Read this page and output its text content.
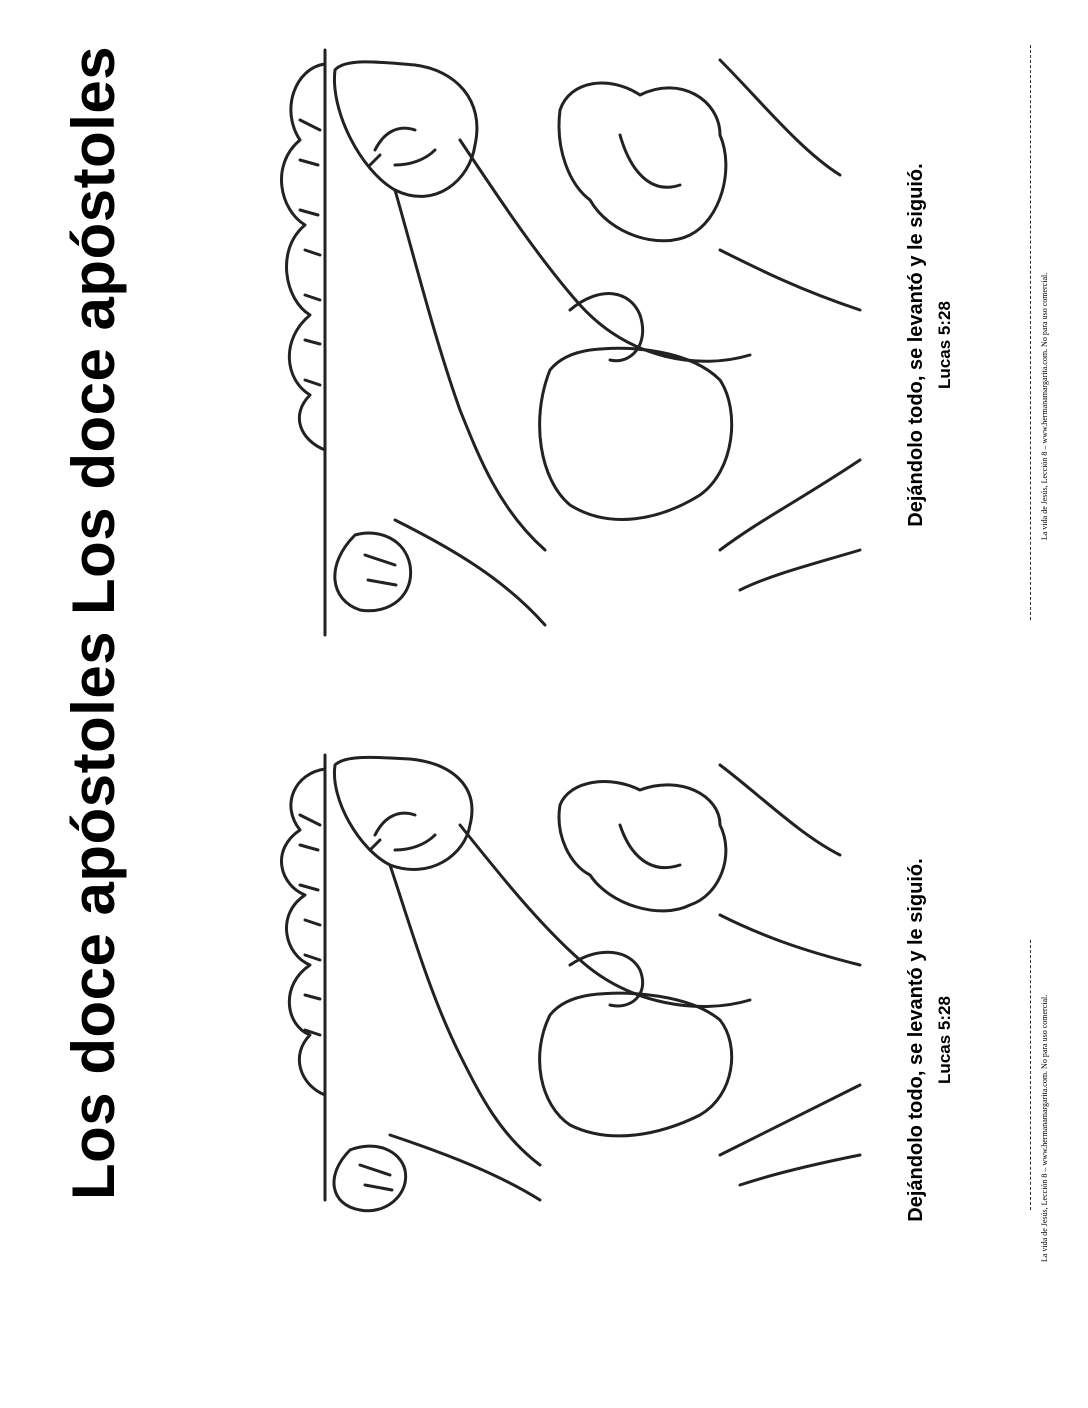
Los doce apóstoles	Dejándolo todo, se levantó y le siguió. Lucas 5:28	La vida de Jesús, Lección 8 – www.hermanamargarita.com. No para uso comercial.
Los doce apóstoles	Dejándolo todo, se levantó y le siguió. Lucas 5:28	La vida de Jesús, Lección 8 – www.hermanamargarita.com. No para uso comercial.
